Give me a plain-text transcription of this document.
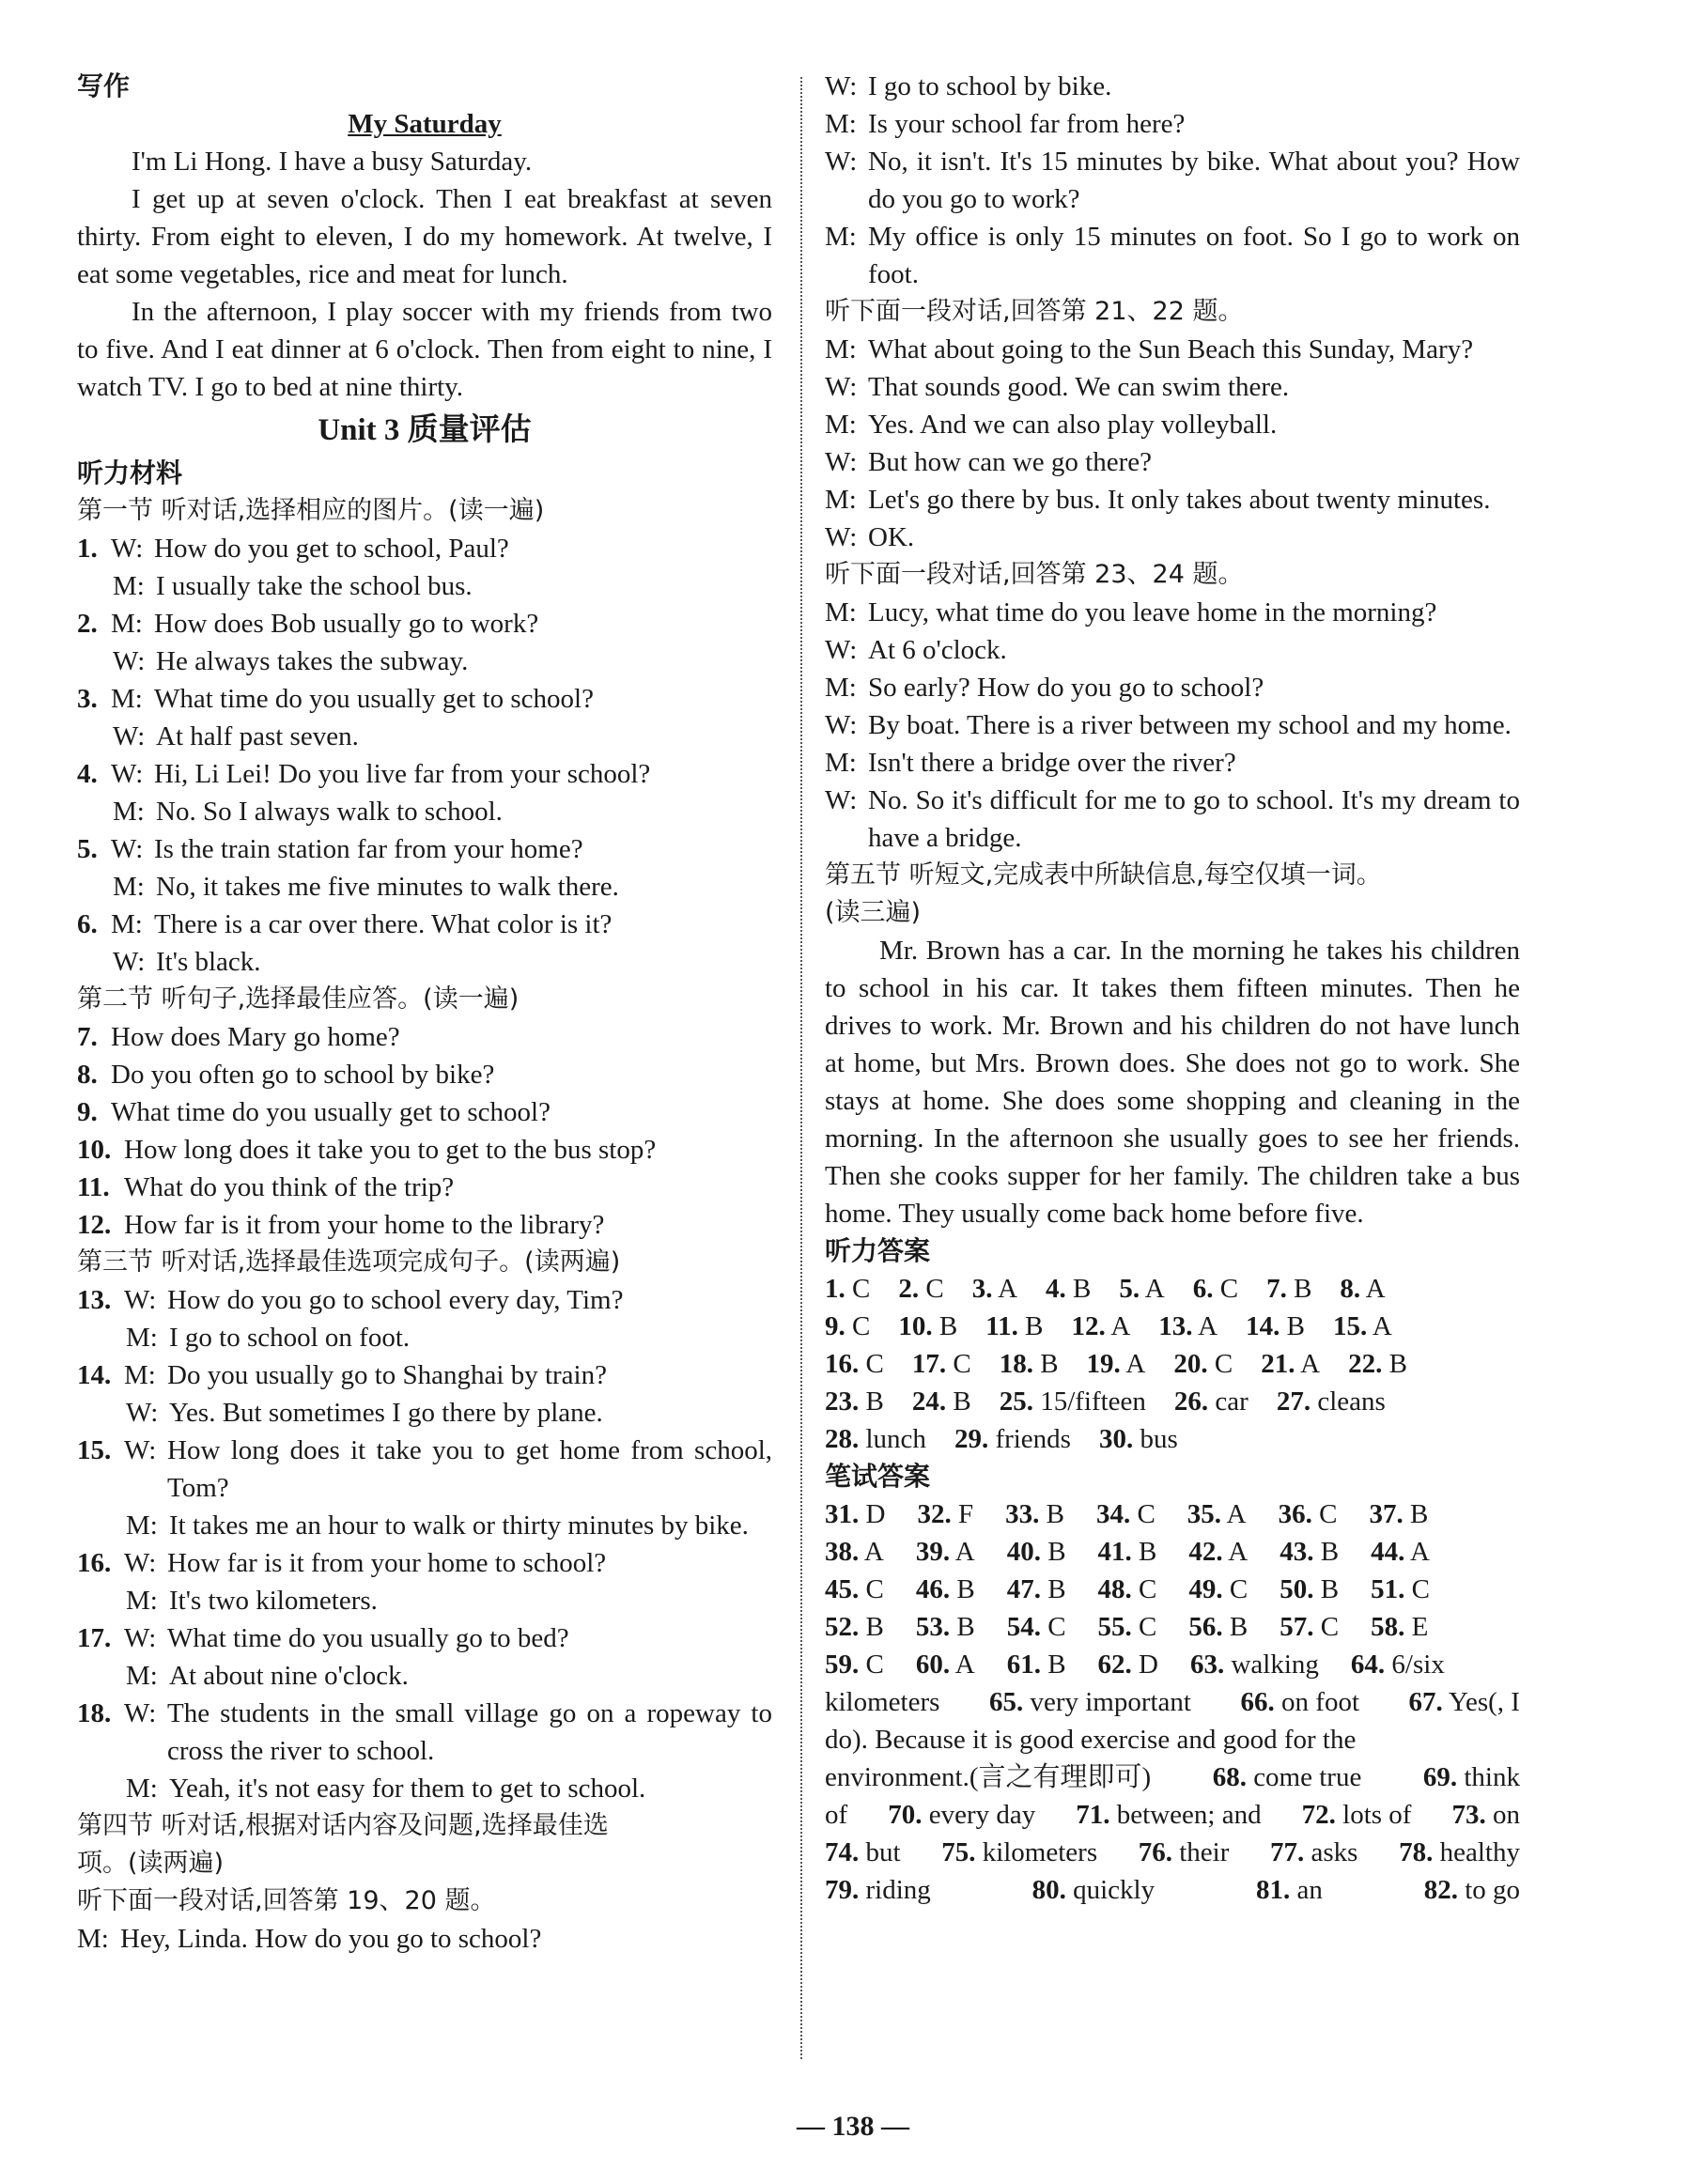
写作
My Saturday
I'm Li Hong. I have a busy Saturday.
I get up at seven o'clock. Then I eat breakfast at seven thirty. From eight to eleven, I do my homework. At twelve, I eat some vegetables, rice and meat for lunch.
In the afternoon, I play soccer with my friends from two to five. And I eat dinner at 6 o'clock. Then from eight to nine, I watch TV. I go to bed at nine thirty.
Unit 3 质量评估
听力材料
第一节 听对话,选择相应的图片。(读一遍)
1. W: How do you get to school, Paul?
M: I usually take the school bus.
2. M: How does Bob usually go to work?
W: He always takes the subway.
3. M: What time do you usually get to school?
W: At half past seven.
4. W: Hi, Li Lei! Do you live far from your school?
M: No. So I always walk to school.
5. W: Is the train station far from your home?
M: No, it takes me five minutes to walk there.
6. M: There is a car over there. What color is it?
W: It's black.
第二节 听句子,选择最佳应答。(读一遍)
7. How does Mary go home?
8. Do you often go to school by bike?
9. What time do you usually get to school?
10. How long does it take you to get to the bus stop?
11. What do you think of the trip?
12. How far is it from your home to the library?
第三节 听对话,选择最佳选项完成句子。(读两遍)
13. W: How do you go to school every day, Tim?
M: I go to school on foot.
14. M: Do you usually go to Shanghai by train?
W: Yes. But sometimes I go there by plane.
15. W: How long does it take you to get home from school, Tom?
M: It takes me an hour to walk or thirty minutes by bike.
16. W: How far is it from your home to school?
M: It's two kilometers.
17. W: What time do you usually go to bed?
M: At about nine o'clock.
18. W: The students in the small village go on a ropeway to cross the river to school.
M: Yeah, it's not easy for them to get to school.
第四节 听对话,根据对话内容及问题,选择最佳选
项。(读两遍)
听下面一段对话,回答第 19、20 题。
M: Hey, Linda. How do you go to school?
W: I go to school by bike.
M: Is your school far from here?
W: No, it isn't. It's 15 minutes by bike. What about you? How do you go to work?
M: My office is only 15 minutes on foot. So I go to work on foot.
听下面一段对话,回答第 21、22 题。
M: What about going to the Sun Beach this Sunday, Mary?
W: That sounds good. We can swim there.
M: Yes. And we can also play volleyball.
W: But how can we go there?
M: Let's go there by bus. It only takes about twenty minutes.
W: OK.
听下面一段对话,回答第 23、24 题。
M: Lucy, what time do you leave home in the morning?
W: At 6 o'clock.
M: So early? How do you go to school?
W: By boat. There is a river between my school and my home.
M: Isn't there a bridge over the river?
W: No. So it's difficult for me to go to school. It's my dream to have a bridge.
第五节 听短文,完成表中所缺信息,每空仅填一词。
(读三遍)
Mr. Brown has a car. In the morning he takes his children to school in his car. It takes them fifteen minutes. Then he drives to work. Mr. Brown and his children do not have lunch at home, but Mrs. Brown does. She does not go to work. She stays at home. She does some shopping and cleaning in the morning. In the afternoon she usually goes to see her friends. Then she cooks supper for her family. The children take a bus home. They usually come back home before five.
听力答案
1. C 2. C 3. A 4. B 5. A 6. C 7. B 8. A
9. C 10. B 11. B 12. A 13. A 14. B 15. A
16. C 17. C 18. B 19. A 20. C 21. A 22. B
23. B 24. B 25. 15/fifteen 26. car 27. cleans
28. lunch 29. friends 30. bus
笔试答案
31. D 32. F 33. B 34. C 35. A 36. C 37. B
38. A 39. A 40. B 41. B 42. A 43. B 44. A
45. C 46. B 47. B 48. C 49. C 50. B 51. C
52. B 53. B 54. C 55. C 56. B 57. C 58. E
59. C 60. A 61. B 62. D 63. walking 64. 6/six
kilometers 65. very important 66. on foot 67. Yes(, I
do). Because it is good exercise and good for the
environment.(言之有理即可) 68. come true 69. think
of 70. every day 71. between; and 72. lots of 73. on
74. but 75. kilometers 76. their 77. asks 78. healthy
79. riding	80. quickly	81. an	82. to go
— 138 —
